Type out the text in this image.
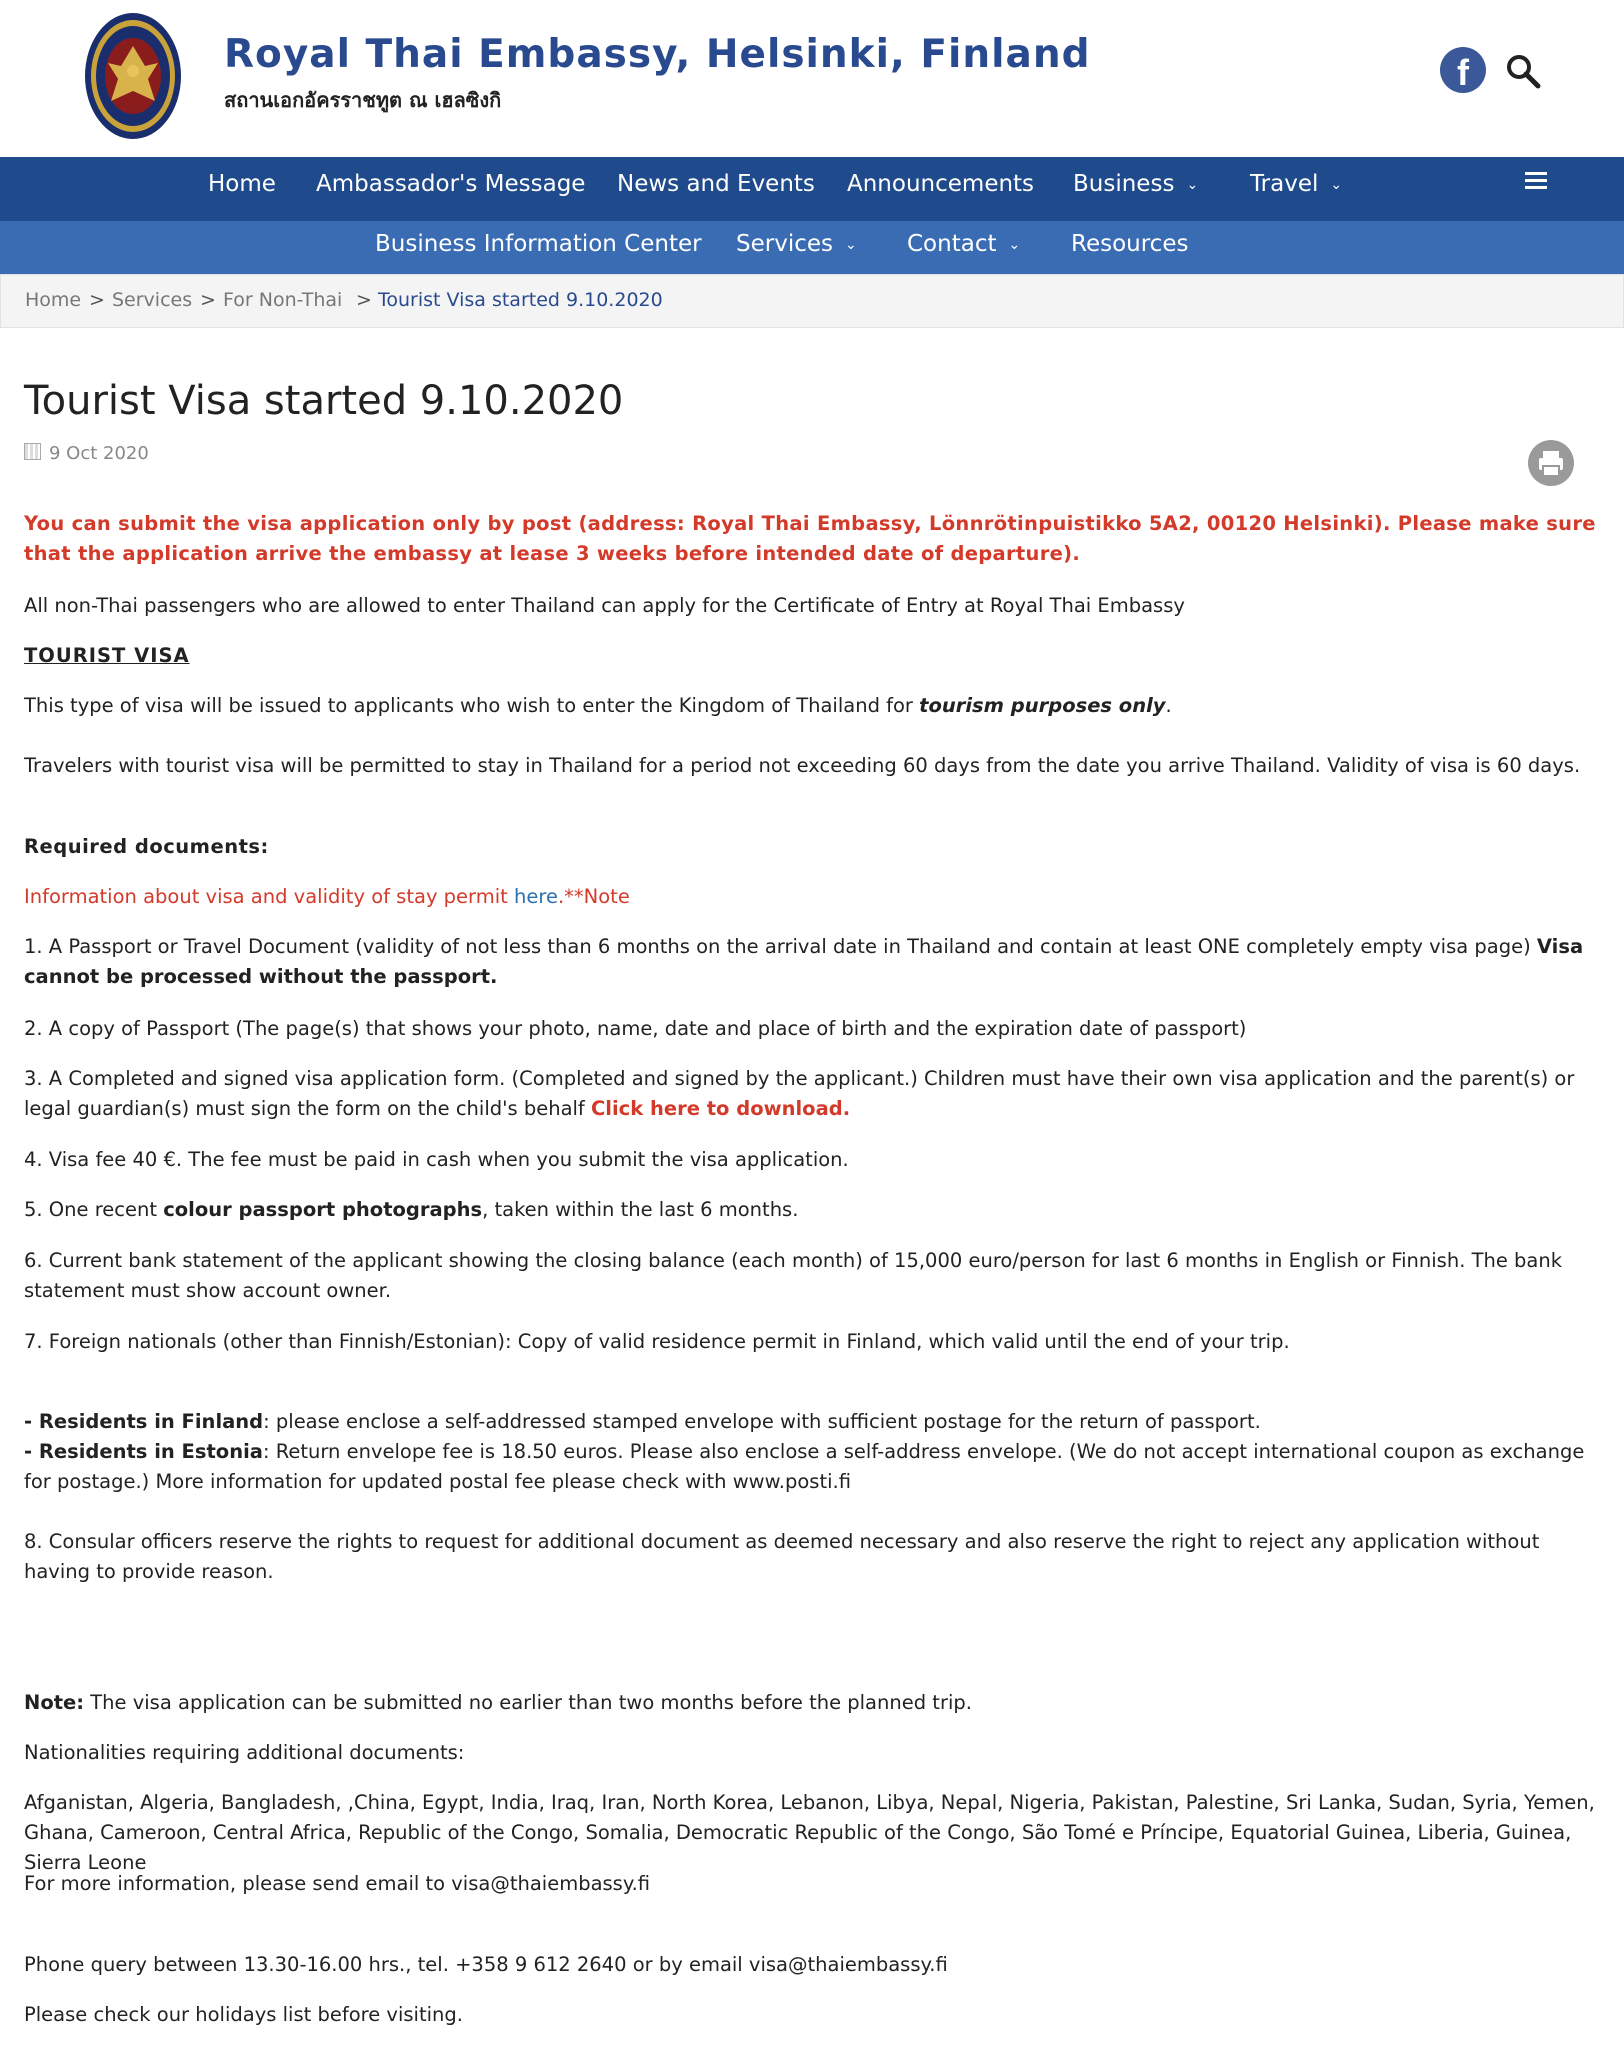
Royal Thai Embassy, Helsinki, Finland
สถานเอกอัครราชทูต ณ เฮลซิงกิ
f
Home Ambassador's Message News and Events Announcements Business ⌄ Travel ⌄
Business Information Center Services ⌄ Contact ⌄ Resources
Home > Services > For Non-Thai > Tourist Visa started 9.10.2020
Tourist Visa started 9.10.2020
9 Oct 2020

You can submit the visa application only by post (address: Royal Thai Embassy, Lönnrötinpuistikko 5A2, 00120 Helsinki). Please make sure that the application arrive the embassy at lease 3 weeks before intended date of departure).

All non-Thai passengers who are allowed to enter Thailand can apply for the Certificate of Entry at Royal Thai Embassy

TOURIST VISA

This type of visa will be issued to applicants who wish to enter the Kingdom of Thailand for tourism purposes only.

Travelers with tourist visa will be permitted to stay in Thailand for a period not exceeding 60 days from the date you arrive Thailand. Validity of visa is 60 days.

Required documents:

Information about visa and validity of stay permit here.**Note

1. A Passport or Travel Document (validity of not less than 6 months on the arrival date in Thailand and contain at least ONE completely empty visa page) Visa cannot be processed without the passport.

2. A copy of Passport (The page(s) that shows your photo, name, date and place of birth and the expiration date of passport)

3. A Completed and signed visa application form. (Completed and signed by the applicant.) Children must have their own visa application and the parent(s) or legal guardian(s) must sign the form on the child's behalf Click here to download.

4. Visa fee 40 €. The fee must be paid in cash when you submit the visa application.

5. One recent colour passport photographs, taken within the last 6 months.

6. Current bank statement of the applicant showing the closing balance (each month) of 15,000 euro/person for last 6 months in English or Finnish. The bank statement must show account owner.

7. Foreign nationals (other than Finnish/Estonian): Copy of valid residence permit in Finland, which valid until the end of your trip.

- Residents in Finland: please enclose a self-addressed stamped envelope with sufficient postage for the return of passport.

- Residents in Estonia: Return envelope fee is 18.50 euros. Please also enclose a self-address envelope. (We do not accept international coupon as exchange for postage.) More information for updated postal fee please check with www.posti.fi

8. Consular officers reserve the rights to request for additional document as deemed necessary and also reserve the right to reject any application without having to provide reason.

Note: The visa application can be submitted no earlier than two months before the planned trip.

Nationalities requiring additional documents:

Afganistan, Algeria, Bangladesh, ,China, Egypt, India, Iraq, Iran, North Korea, Lebanon, Libya, Nepal, Nigeria, Pakistan, Palestine, Sri Lanka, Sudan, Syria, Yemen, Ghana, Cameroon, Central Africa, Republic of the Congo, Somalia, Democratic Republic of the Congo, São Tomé e Príncipe, Equatorial Guinea, Liberia, Guinea, Sierra Leone

For more information, please send email to visa@thaiembassy.fi

Phone query between 13.30-16.00 hrs., tel. +358 9 612 2640 or by email visa@thaiembassy.fi

Please check our holidays list before visiting.
